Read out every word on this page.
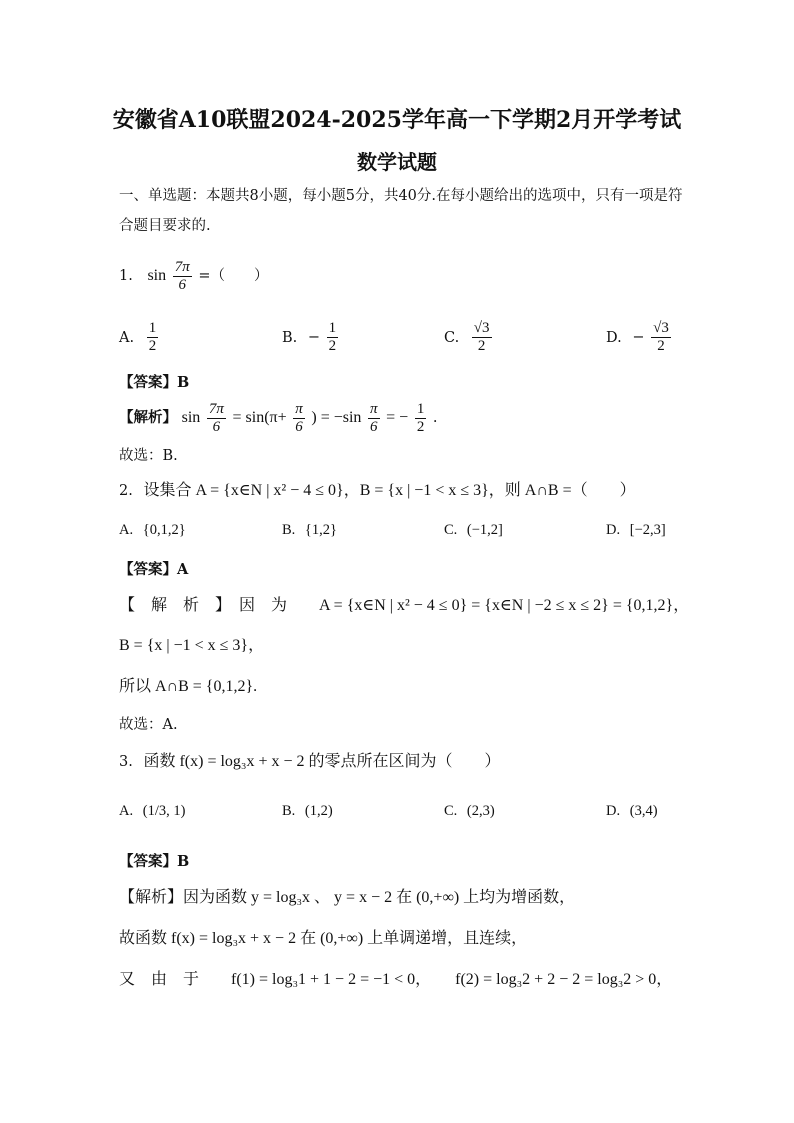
安徽省A10联盟2024-2025学年高一下学期2月开学考试
数学试题
一、单选题：本题共8小题，每小题5分，共40分.在每小题给出的选项中，只有一项是符
合题目要求的.
1. $\sin \frac{7\pi}{6}$ =（　　）
A. $\frac{1}{2}$	B. − $\frac{1}{2}$	C. $\frac{√3}{2}$	D. − $\frac{√3}{2}$
【答案】B
【解析】 $\sin \frac{7\pi}{6} = \sin(\pi+ \frac{\pi}{6}$ ) = $-\sin \frac{\pi}{6}$ = − $\frac{1}{2}$ .
故选：B.
2. 设集合 A = {x∈N | x² − 4 ≤ 0}，B = {x | −1 < x ≤ 3}，则 A∩B =（　　）
A. {0,1,2}	B. {1,2}	C. (−1,2]	D. [−2,3]
【答案】A
【　解　析　】　因　为　　A = {x∈N | x² − 4 ≤ 0} = {x∈N | −2 ≤ x ≤ 2} = {0,1,2}，
B = {x | −1 < x ≤ 3}，
所以 A∩B = {0,1,2}.
故选：A.
3. 函数 f(x) = log₃x + x − 2 的零点所在区间为（　　）
A. (1/3, 1)	B. (1,2)	C. (2,3)	D. (3,4)
【答案】B
【解析】因为函数 y = log₃x 、 y = x − 2 在 (0,+∞) 上均为增函数，
故函数 f(x) = log₃x + x − 2 在 (0,+∞) 上单调递增，且连续，
又　由　于　　f(1) = log₃1 + 1 − 2 = −1 < 0，　　f(2) = log₃2 + 2 − 2 = log₃2 > 0，
